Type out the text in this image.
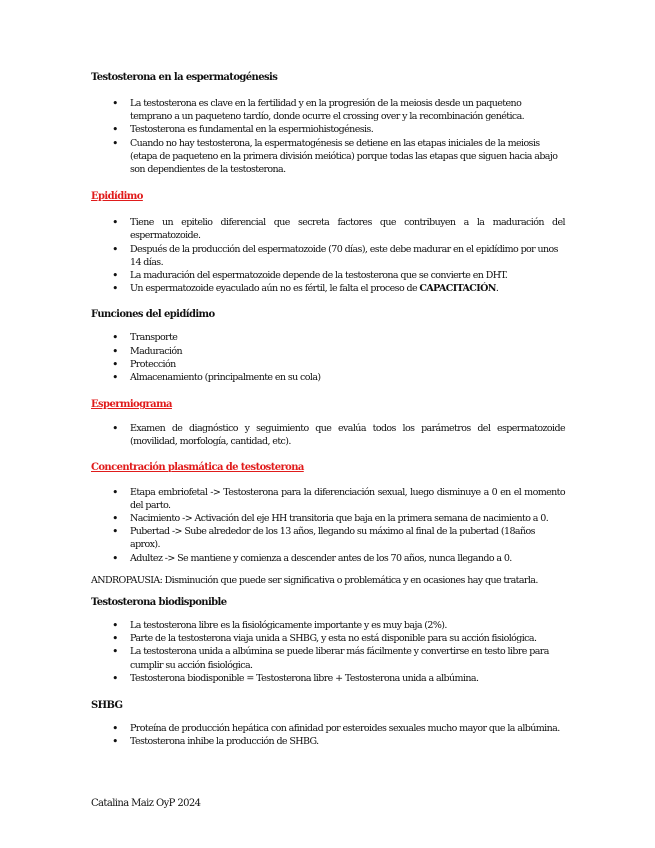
Testosterona en la espermatogénesis

• La testosterona es clave en la fertilidad y en la progresión de la meiosis desde un paqueteno temprano a un paqueteno tardío, donde ocurre el crossing over y la recombinación genética.
• Testosterona es fundamental en la espermiohistogénesis.
• Cuando no hay testosterona, la espermatogénesis se detiene en las etapas iniciales de la meiosis (etapa de paqueteno en la primera división meiótica) porque todas las etapas que siguen hacia abajo son dependientes de la testosterona.

Epidídimo

• Tiene un epitelio diferencial que secreta factores que contribuyen a la maduración del espermatozoide.
• Después de la producción del espermatozoide (70 días), este debe madurar en el epidídimo por unos 14 días.
• La maduración del espermatozoide depende de la testosterona que se convierte en DHT.
• Un espermatozoide eyaculado aún no es fértil, le falta el proceso de CAPACITACIÓN.

Funciones del epidídimo

• Transporte
• Maduración
• Protección
• Almacenamiento (principalmente en su cola)

Espermiograma

• Examen de diagnóstico y seguimiento que evalúa todos los parámetros del espermatozoide (movilidad, morfología, cantidad, etc).

Concentración plasmática de testosterona

• Etapa embriofetal -> Testosterona para la diferenciación sexual, luego disminuye a 0 en el momento del parto.
• Nacimiento -> Activación del eje HH transitoria que baja en la primera semana de nacimiento a 0.
• Pubertad -> Sube alrededor de los 13 años, llegando su máximo al final de la pubertad (18años aprox).
• Adultez -> Se mantiene y comienza a descender antes de los 70 años, nunca llegando a 0.

ANDROPAUSIA: Disminución que puede ser significativa o problemática y en ocasiones hay que tratarla.

Testosterona biodisponible

• La testosterona libre es la fisiológicamente importante y es muy baja (2%).
• Parte de la testosterona viaja unida a SHBG, y esta no está disponible para su acción fisiológica.
• La testosterona unida a albúmina se puede liberar más fácilmente y convertirse en testo libre para cumplir su acción fisiológica.
• Testosterona biodisponible = Testosterona libre + Testosterona unida a albúmina.

SHBG

• Proteína de producción hepática con afinidad por esteroides sexuales mucho mayor que la albúmina.
• Testosterona inhibe la producción de SHBG.
Catalina Maiz OyP 2024
